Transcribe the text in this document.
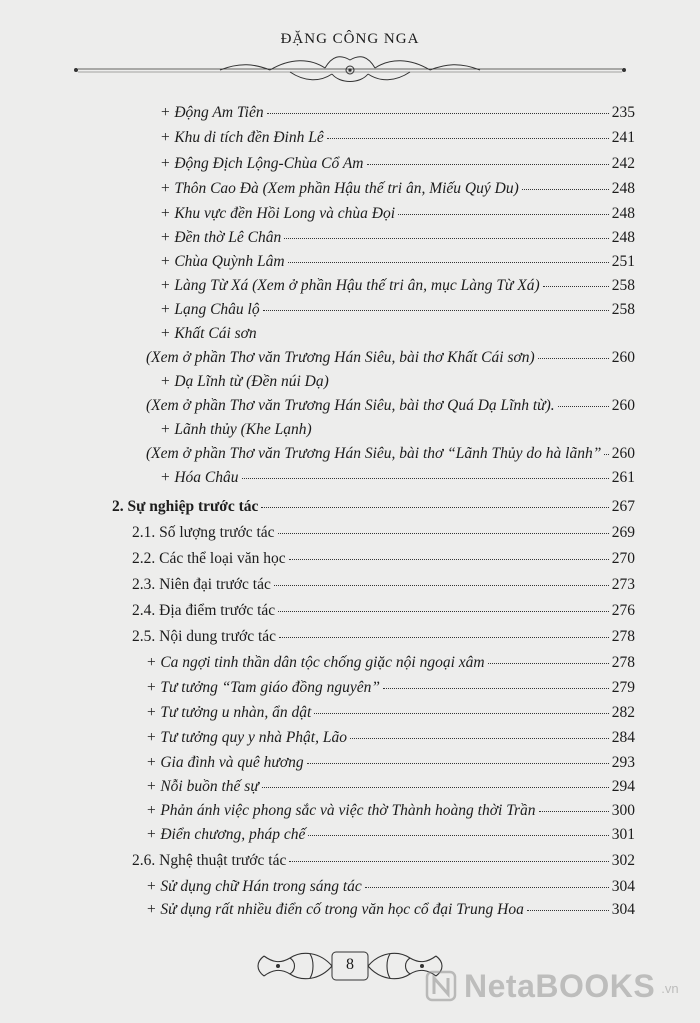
ĐẶNG CÔNG NGA
+ Động Am Tiên	235
+ Khu di tích đền Đinh Lê	241
+ Động Địch Lộng-Chùa Cổ Am	242
+ Thôn Cao Đà (Xem phần Hậu thế tri ân, Miếu Quý Du)	248
+ Khu vực đền Hồi Long và chùa Đọi	248
+ Đền thờ Lê Chân	248
+ Chùa Quỳnh Lâm	251
+ Làng Từ Xá (Xem ở phần Hậu thế tri ân, mục Làng Từ Xá)	258
+ Lạng Châu lộ	258
+ Khất Cái sơn
(Xem ở phần Thơ văn Trương Hán Siêu, bài thơ Khất Cái sơn)	260
+ Dạ Lĩnh từ (Đền núi Dạ)
(Xem ở phần Thơ văn Trương Hán Siêu, bài thơ Quá Dạ Lĩnh từ).	260
+ Lãnh thủy (Khe Lạnh)
(Xem ở phần Thơ văn Trương Hán Siêu, bài thơ “Lãnh Thủy do hà lãnh” 260
+ Hóa Châu	261
2. Sự nghiệp trước tác	267
2.1. Số lượng trước tác	269
2.2. Các thể loại văn học	270
2.3. Niên đại trước tác	273
2.4. Địa điểm trước tác	276
2.5. Nội dung trước tác	278
+ Ca ngợi tinh thần dân tộc chống giặc nội ngoại xâm	278
+ Tư tưởng “Tam giáo đồng nguyên”	279
+ Tư tưởng u nhàn, ẩn dật	282
+ Tư tưởng quy y nhà Phật, Lão	284
+ Gia đình và quê hương	293
+ Nỗi buồn thế sự	294
+ Phản ánh việc phong sắc và việc thờ Thành hoàng thời Trần	300
+ Điển chương, pháp chế	301
2.6. Nghệ thuật trước tác	302
+ Sử dụng chữ Hán trong sáng tác	304
+ Sử dụng rất nhiều điển cố trong văn học cổ đại Trung Hoa	304
8
NetaBOOKS .vn
